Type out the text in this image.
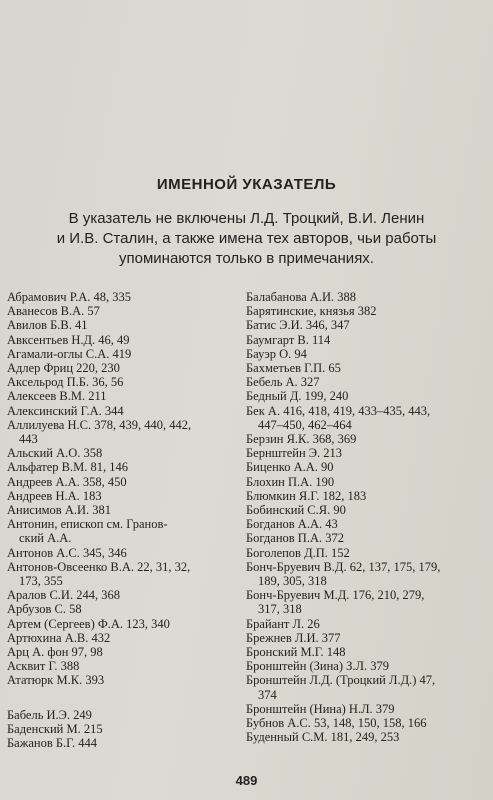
ИМЕННОЙ УКАЗАТЕЛЬ
В указатель не включены Л.Д. Троцкий, В.И. Ленин
и И.В. Сталин, а также имена тех авторов, чьи работы
упоминаются только в примечаниях.
Абрамович Р.А. 48, 335
Аванесов В.А. 57
Авилов Б.В. 41
Авксентьев Н.Д. 46, 49
Агамали-оглы С.А. 419
Адлер Фриц 220, 230
Аксельрод П.Б. 36, 56
Алексеев В.М. 211
Алексинский Г.А. 344
Аллилуева Н.С. 378, 439, 440, 442,
443
Альский А.О. 358
Альфатер В.М. 81, 146
Андреев А.А. 358, 450
Андреев Н.А. 183
Анисимов А.И. 381
Антонин, епископ см. Гранов-
ский А.А.
Антонов А.С. 345, 346
Антонов-Овсеенко В.А. 22, 31, 32,
173, 355
Аралов С.И. 244, 368
Арбузов С. 58
Артем (Сергеев) Ф.А. 123, 340
Артюхина А.В. 432
Арц А. фон 97, 98
Асквит Г. 388
Ататюрк М.К. 393
Бабель И.Э. 249
Баденский М. 215
Бажанов Б.Г. 444
Балабанова А.И. 388
Барятинские, князья 382
Батис Э.И. 346, 347
Баумгарт В. 114
Бауэр О. 94
Бахметьев Г.П. 65
Бебель А. 327
Бедный Д. 199, 240
Бек А. 416, 418, 419, 433–435, 443,
447–450, 462–464
Берзин Я.К. 368, 369
Бернштейн Э. 213
Биценко А.А. 90
Блохин П.А. 190
Блюмкин Я.Г. 182, 183
Бобинский С.Я. 90
Богданов А.А. 43
Богданов П.А. 372
Боголепов Д.П. 152
Бонч-Бруевич В.Д. 62, 137, 175, 179,
189, 305, 318
Бонч-Бруевич М.Д. 176, 210, 279,
317, 318
Брайант Л. 26
Брежнев Л.И. 377
Бронский М.Г. 148
Бронштейн (Зина) З.Л. 379
Бронштейн Л.Д. (Троцкий Л.Д.) 47,
374
Бронштейн (Нина) Н.Л. 379
Бубнов А.С. 53, 148, 150, 158, 166
Буденный С.М. 181, 249, 253
489
